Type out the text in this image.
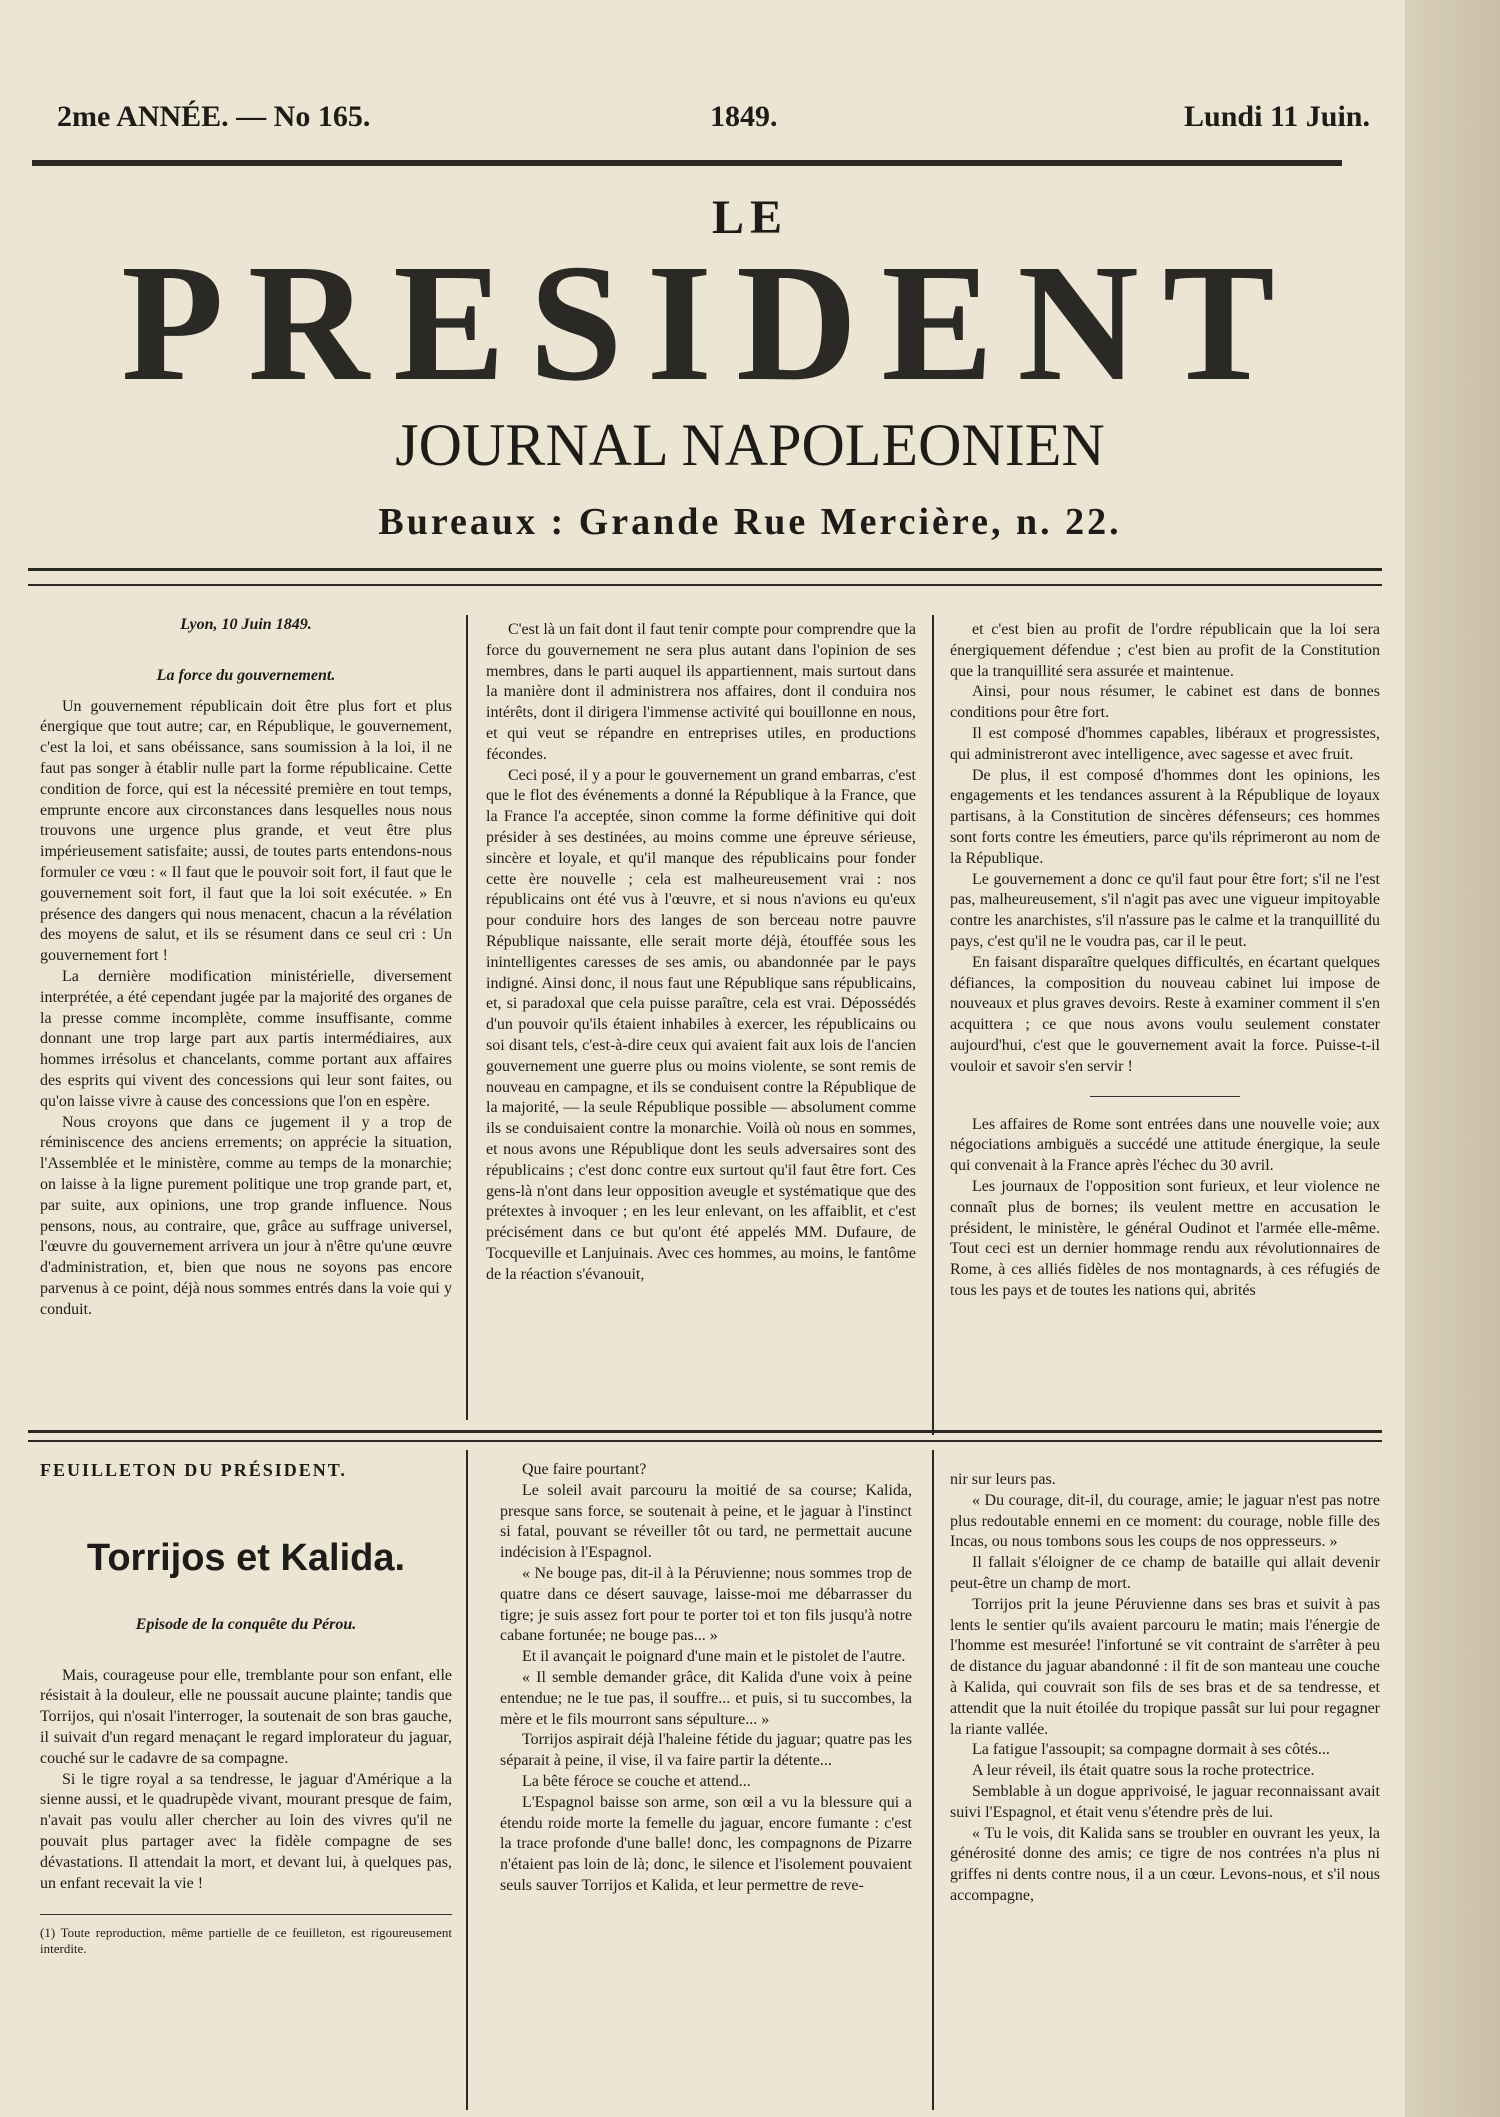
2me ANNÉE. — No 165.	1849.	Lundi 11 Juin.
LE
PRESIDENT
JOURNAL NAPOLEONIEN
Bureaux : Grande Rue Mercière, n. 22.

Lyon, 10 Juin 1849.

La force du gouvernement.

Un gouvernement républicain doit être plus fort et plus énergique que tout autre; car, en République, le gouvernement, c'est la loi, et sans obéissance, sans soumission à la loi, il ne faut pas songer à établir nulle part la forme républicaine. Cette condition de force, qui est la nécessité première en tout temps, emprunte encore aux circonstances dans lesquelles nous nous trouvons une urgence plus grande, et veut être plus impérieusement satisfaite; aussi, de toutes parts entendons-nous formuler ce vœu : « Il faut que le pouvoir soit fort, il faut que le gouvernement soit fort, il faut que la loi soit exécutée. » En présence des dangers qui nous menacent, chacun a la révélation des moyens de salut, et ils se résument dans ce seul cri : Un gouvernement fort !

La dernière modification ministérielle, diversement interprétée, a été cependant jugée par la majorité des organes de la presse comme incomplète, comme insuffisante, comme donnant une trop large part aux partis intermédiaires, aux hommes irrésolus et chancelants, comme portant aux affaires des esprits qui vivent des concessions qui leur sont faites, ou qu'on laisse vivre à cause des concessions que l'on en espère.

Nous croyons que dans ce jugement il y a trop de réminiscence des anciens errements; on apprécie la situation, l'Assemblée et le ministère, comme au temps de la monarchie; on laisse à la ligne purement politique une trop grande part, et, par suite, aux opinions, une trop grande influence. Nous pensons, nous, au contraire, que, grâce au suffrage universel, l'œuvre du gouvernement arrivera un jour à n'être qu'une œuvre d'administration, et, bien que nous ne soyons pas encore parvenus à ce point, déjà nous sommes entrés dans la voie qui y conduit.

C'est là un fait dont il faut tenir compte pour comprendre que la force du gouvernement ne sera plus autant dans l'opinion de ses membres, dans le parti auquel ils appartiennent, mais surtout dans la manière dont il administrera nos affaires, dont il conduira nos intérêts, dont il dirigera l'immense activité qui bouillonne en nous, et qui veut se répandre en entreprises utiles, en productions fécondes.

Ceci posé, il y a pour le gouvernement un grand embarras, c'est que le flot des événements a donné la République à la France, que la France l'a acceptée, sinon comme la forme définitive qui doit présider à ses destinées, au moins comme une épreuve sérieuse, sincère et loyale, et qu'il manque des républicains pour fonder cette ère nouvelle ; cela est malheureusement vrai : nos républicains ont été vus à l'œuvre, et si nous n'avions eu qu'eux pour conduire hors des langes de son berceau notre pauvre République naissante, elle serait morte déjà, étouffée sous les inintelligentes caresses de ses amis, ou abandonnée par le pays indigné. Ainsi donc, il nous faut une République sans républicains, et, si paradoxal que cela puisse paraître, cela est vrai. Dépossédés d'un pouvoir qu'ils étaient inhabiles à exercer, les républicains ou soi disant tels, c'est-à-dire ceux qui avaient fait aux lois de l'ancien gouvernement une guerre plus ou moins violente, se sont remis de nouveau en campagne, et ils se conduisent contre la République de la majorité, — la seule République possible — absolument comme ils se conduisaient contre la monarchie. Voilà où nous en sommes, et nous avons une République dont les seuls adversaires sont des républicains ; c'est donc contre eux surtout qu'il faut être fort. Ces gens-là n'ont dans leur opposition aveugle et systématique que des prétextes à invoquer ; en les leur enlevant, on les affaiblit, et c'est précisément dans ce but qu'ont été appelés MM. Dufaure, de Tocqueville et Lanjuinais. Avec ces hommes, au moins, le fantôme de la réaction s'évanouit,

et c'est bien au profit de l'ordre républicain que la loi sera énergiquement défendue ; c'est bien au profit de la Constitution que la tranquillité sera assurée et maintenue.

Ainsi, pour nous résumer, le cabinet est dans de bonnes conditions pour être fort.

Il est composé d'hommes capables, libéraux et progressistes, qui administreront avec intelligence, avec sagesse et avec fruit.

De plus, il est composé d'hommes dont les opinions, les engagements et les tendances assurent à la République de loyaux partisans, à la Constitution de sincères défenseurs; ces hommes sont forts contre les émeutiers, parce qu'ils réprimeront au nom de la République.

Le gouvernement a donc ce qu'il faut pour être fort; s'il ne l'est pas, malheureusement, s'il n'agit pas avec une vigueur impitoyable contre les anarchistes, s'il n'assure pas le calme et la tranquillité du pays, c'est qu'il ne le voudra pas, car il le peut.

En faisant disparaître quelques difficultés, en écartant quelques défiances, la composition du nouveau cabinet lui impose de nouveaux et plus graves devoirs. Reste à examiner comment il s'en acquittera ; ce que nous avons voulu seulement constater aujourd'hui, c'est que le gouvernement avait la force. Puisse-t-il vouloir et savoir s'en servir !

Les affaires de Rome sont entrées dans une nouvelle voie; aux négociations ambiguës a succédé une attitude énergique, la seule qui convenait à la France après l'échec du 30 avril.

Les journaux de l'opposition sont furieux, et leur violence ne connaît plus de bornes; ils veulent mettre en accusation le président, le ministère, le général Oudinot et l'armée elle-même. Tout ceci est un dernier hommage rendu aux révolutionnaires de Rome, à ces alliés fidèles de nos montagnards, à ces réfugiés de tous les pays et de toutes les nations qui, abrités

FEUILLETON DU PRÉSIDENT.

Torrijos et Kalida.

Episode de la conquête du Pérou.

Mais, courageuse pour elle, tremblante pour son enfant, elle résistait à la douleur, elle ne poussait aucune plainte; tandis que Torrijos, qui n'osait l'interroger, la soutenait de son bras gauche, il suivait d'un regard menaçant le regard implorateur du jaguar, couché sur le cadavre de sa compagne.

Si le tigre royal a sa tendresse, le jaguar d'Amérique a la sienne aussi, et le quadrupède vivant, mourant presque de faim, n'avait pas voulu aller chercher au loin des vivres qu'il ne pouvait plus partager avec la fidèle compagne de ses dévastations. Il attendait la mort, et devant lui, à quelques pas, un enfant recevait la vie !

(1) Toute reproduction, même partielle de ce feuilleton, est rigoureusement interdite.

Que faire pourtant?

Le soleil avait parcouru la moitié de sa course; Kalida, presque sans force, se soutenait à peine, et le jaguar à l'instinct si fatal, pouvant se réveiller tôt ou tard, ne permettait aucune indécision à l'Espagnol.

« Ne bouge pas, dit-il à la Péruvienne; nous sommes trop de quatre dans ce désert sauvage, laisse-moi me débarrasser du tigre; je suis assez fort pour te porter toi et ton fils jusqu'à notre cabane fortunée; ne bouge pas... »

Et il avançait le poignard d'une main et le pistolet de l'autre.

« Il semble demander grâce, dit Kalida d'une voix à peine entendue; ne le tue pas, il souffre... et puis, si tu succombes, la mère et le fils mourront sans sépulture... »

Torrijos aspirait déjà l'haleine fétide du jaguar; quatre pas les séparait à peine, il vise, il va faire partir la détente...

La bête féroce se couche et attend...

L'Espagnol baisse son arme, son œil a vu la blessure qui a étendu roide morte la femelle du jaguar, encore fumante : c'est la trace profonde d'une balle! donc, les compagnons de Pizarre n'étaient pas loin de là; donc, le silence et l'isolement pouvaient seuls sauver Torrijos et Kalida, et leur permettre de reve-

nir sur leurs pas.

« Du courage, dit-il, du courage, amie; le jaguar n'est pas notre plus redoutable ennemi en ce moment: du courage, noble fille des Incas, ou nous tombons sous les coups de nos oppresseurs. »

Il fallait s'éloigner de ce champ de bataille qui allait devenir peut-être un champ de mort.

Torrijos prit la jeune Péruvienne dans ses bras et suivit à pas lents le sentier qu'ils avaient parcouru le matin; mais l'énergie de l'homme est mesurée! l'infortuné se vit contraint de s'arrêter à peu de distance du jaguar abandonné : il fit de son manteau une couche à Kalida, qui couvrait son fils de ses bras et de sa tendresse, et attendit que la nuit étoilée du tropique passât sur lui pour regagner la riante vallée.

La fatigue l'assoupit; sa compagne dormait à ses côtés...

A leur réveil, ils était quatre sous la roche protectrice.

Semblable à un dogue apprivoisé, le jaguar reconnaissant avait suivi l'Espagnol, et était venu s'étendre près de lui.

« Tu le vois, dit Kalida sans se troubler en ouvrant les yeux, la générosité donne des amis; ce tigre de nos contrées n'a plus ni griffes ni dents contre nous, il a un cœur. Levons-nous, et s'il nous accompagne,
